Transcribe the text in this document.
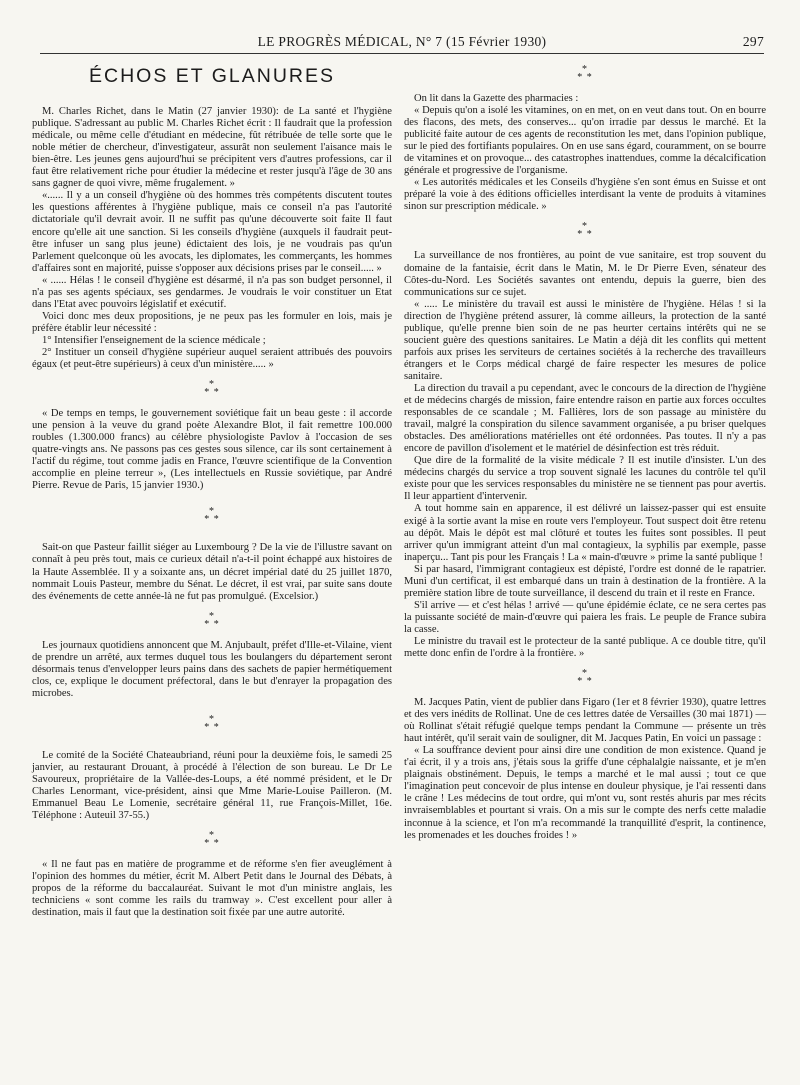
LE PROGRÈS MÉDICAL, N° 7 (15 Février 1930)	297
ÉCHOS ET GLANURES

M. Charles Richet, dans le Matin (27 janvier 1930): de La santé et l'hygiène publique. S'adressant au public M. Charles Richet écrit : Il faudrait que la profession médicale, ou même celle d'étudiant en médecine, fût rétribuée de telle sorte que le noble métier de chercheur, d'investigateur, assurât non seulement l'aisance mais le bien-être. Les jeunes gens aujourd'hui se précipitent vers d'autres professions, car il faut être relativement riche pour étudier la médecine et rester jusqu'à l'âge de 30 ans sans gagner de quoi vivre, même frugalement. »

«...... Il y a un conseil d'hygiène où des hommes très compétents discutent toutes les questions afférentes à l'hygiène publique, mais ce conseil n'a pas l'autorité dictatoriale qu'il devrait avoir. Il ne suffit pas qu'une découverte soit faite Il faut encore qu'elle ait une sanction. Si les conseils d'hygiène (auxquels il faudrait peut-être infuser un sang plus jeune) édictaient des lois, je ne voudrais pas qu'un Parlement quelconque où les avocats, les diplomates, les commerçants, les hommes d'affaires sont en majorité, puisse s'opposer aux décisions prises par le conseil..... »

« ...... Hélas ! le conseil d'hygiène est désarmé, il n'a pas son budget personnel, il n'a pas ses agents spéciaux, ses gendarmes. Je voudrais le voir constituer un Etat dans l'Etat avec pouvoirs législatif et exécutif.

Voici donc mes deux propositions, je ne peux pas les formuler en lois, mais je préfère établir leur nécessité :

1° Intensifier l'enseignement de la science médicale ;

2° Instituer un conseil d'hygiène supérieur auquel seraient attribués des pouvoirs égaux (et peut-être supérieurs) à ceux d'un ministère..... »

*
* *

« De temps en temps, le gouvernement soviétique fait un beau geste : il accorde une pension à la veuve du grand poète Alexandre Blot, il fait remettre 100.000 roubles (1.300.000 francs) au célèbre physiologiste Pavlov à l'occasion de ses quatre-vingts ans. Ne passons pas ces gestes sous silence, car ils sont certainement à l'actif du régime, tout comme jadis en France, l'œuvre scientifique de la Convention accomplie en pleine terreur », (Les intellectuels en Russie soviétique, par André Pierre. Revue de Paris, 15 janvier 1930.)

*
* *

Sait-on que Pasteur faillit siéger au Luxembourg ? De la vie de l'illustre savant on connaît à peu près tout, mais ce curieux détail n'a-t-il point échappé aux histoires de la Haute Assemblée. Il y a soixante ans, un décret impérial daté du 25 juillet 1870, nommait Louis Pasteur, membre du Sénat. Le décret, il est vrai, par suite sans doute des événements de cette année-là ne fut pas promulgué. (Excelsior.)

*
* *

Les journaux quotidiens annoncent que M. Anjubault, préfet d'Ille-et-Vilaine, vient de prendre un arrêté, aux termes duquel tous les boulangers du département seront désormais tenus d'envelopper leurs pains dans des sachets de papier hermétiquement clos, ce, explique le document préfectoral, dans le but d'enrayer la propagation des microbes.

*
* *

Le comité de la Société Chateaubriand, réuni pour la deuxième fois, le samedi 25 janvier, au restaurant Drouant, à procédé à l'élection de son bureau. Le Dr Le Savoureux, propriétaire de la Vallée-des-Loups, a été nommé président, et le Dr Charles Lenormant, vice-président, ainsi que Mme Marie-Louise Pailleron. (M. Emmanuel Beau Le Lomenie, secrétaire général 11, rue François-Millet, 16e. Téléphone : Auteuil 37-55.)

*
* *

« Il ne faut pas en matière de programme et de réforme s'en fier aveuglément à l'opinion des hommes du métier, écrit M. Albert Petit dans le Journal des Débats, à propos de la réforme du baccalauréat. Suivant le mot d'un ministre anglais, les techniciens « sont comme les rails du tramway ». C'est excellent pour aller à destination, mais il faut que la destination soit fixée par une autre autorité.

*
* *

On lit dans la Gazette des pharmacies :

« Depuis qu'on a isolé les vitamines, on en met, on en veut dans tout. On en bourre des flacons, des mets, des conserves... qu'on irradie par dessus le marché. Et la publicité faite autour de ces agents de reconstitution les met, dans l'opinion publique, sur le pied des fortifiants populaires. On en use sans égard, couramment, on se bourre de vitamines et on provoque... des catastrophes inattendues, comme la décalcification générale et progressive de l'organisme.

« Les autorités médicales et les Conseils d'hygiène s'en sont émus en Suisse et ont préparé la voie à des éditions officielles interdisant la vente de produits à vitamines sinon sur prescription médicale. »

*
* *

La surveillance de nos frontières, au point de vue sanitaire, est trop souvent du domaine de la fantaisie, écrit dans le Matin, M. le Dr Pierre Even, sénateur des Côtes-du-Nord. Les Sociétés savantes ont entendu, depuis la guerre, bien des communications sur ce sujet.

« ..... Le ministère du travail est aussi le ministère de l'hygiène. Hélas ! si la direction de l'hygiène prétend assurer, là comme ailleurs, la protection de la santé publique, qu'elle prenne bien soin de ne pas heurter certains intérêts qui ne se soucient guère des questions sanitaires. Le Matin a déjà dit les conflits qui mettent parfois aux prises les serviteurs de certaines sociétés à la recherche des travailleurs étrangers et le Corps médical chargé de faire respecter les mesures de police sanitaire.

La direction du travail a pu cependant, avec le concours de la direction de l'hygiène et de médecins chargés de mission, faire entendre raison en partie aux forces occultes responsables de ce scandale ; M. Fallières, lors de son passage au ministère du travail, malgré la conspiration du silence savamment organisée, a pu briser quelques obstacles. Des améliorations matérielles ont été ordonnées. Pas toutes. Il n'y a pas encore de pavillon d'isolement et le matériel de désinfection est très réduit.

Que dire de la formalité de la visite médicale ? Il est inutile d'insister. L'un des médecins chargés du service a trop souvent signalé les lacunes du contrôle tel qu'il existe pour que les services responsables du ministère ne se tiennent pas pour avertis. Il leur appartient d'intervenir.

A tout homme sain en apparence, il est délivré un laissez-passer qui est ensuite exigé à la sortie avant la mise en route vers l'employeur. Tout suspect doit être retenu au dépôt. Mais le dépôt est mal clôturé et toutes les fuites sont possibles. Il peut arriver qu'un immigrant atteint d'un mal contagieux, la syphilis par exemple, passe inaperçu... Tant pis pour les Français ! La « main-d'œuvre » prime la santé publique !

Si par hasard, l'immigrant contagieux est dépisté, l'ordre est donné de le rapatrier. Muni d'un certificat, il est embarqué dans un train à destination de la frontière. A la première station libre de toute surveillance, il descend du train et il reste en France.

S'il arrive — et c'est hélas ! arrivé — qu'une épidémie éclate, ce ne sera certes pas la puissante société de main-d'œuvre qui paiera les frais. Le peuple de France subira la casse.

Le ministre du travail est le protecteur de la santé publique. A ce double titre, qu'il mette donc enfin de l'ordre à la frontière. »

*
* *

M. Jacques Patin, vient de publier dans Figaro (1er et 8 février 1930), quatre lettres et des vers inédits de Rollinat. Une de ces lettres datée de Versailles (30 mai 1871) — où Rollinat s'était réfugié quelque temps pendant la Commune — présente un très haut intérêt, qu'il serait vain de souligner, dit M. Jacques Patin, En voici un passage :

« La souffrance devient pour ainsi dire une condition de mon existence. Quand je t'ai écrit, il y a trois ans, j'étais sous la griffe d'une céphalalgie naissante, et je m'en plaignais obstinément. Depuis, le temps a marché et le mal aussi ; tout ce que l'imagination peut concevoir de plus intense en douleur physique, je l'ai ressenti dans le crâne ! Les médecins de tout ordre, qui m'ont vu, sont restés ahuris par mes récits invraisemblables et pourtant si vrais. On a mis sur le compte des nerfs cette maladie inconnue à la science, et l'on m'a recommandé la tranquillité d'esprit, la continence, les promenades et les douches froides ! »
